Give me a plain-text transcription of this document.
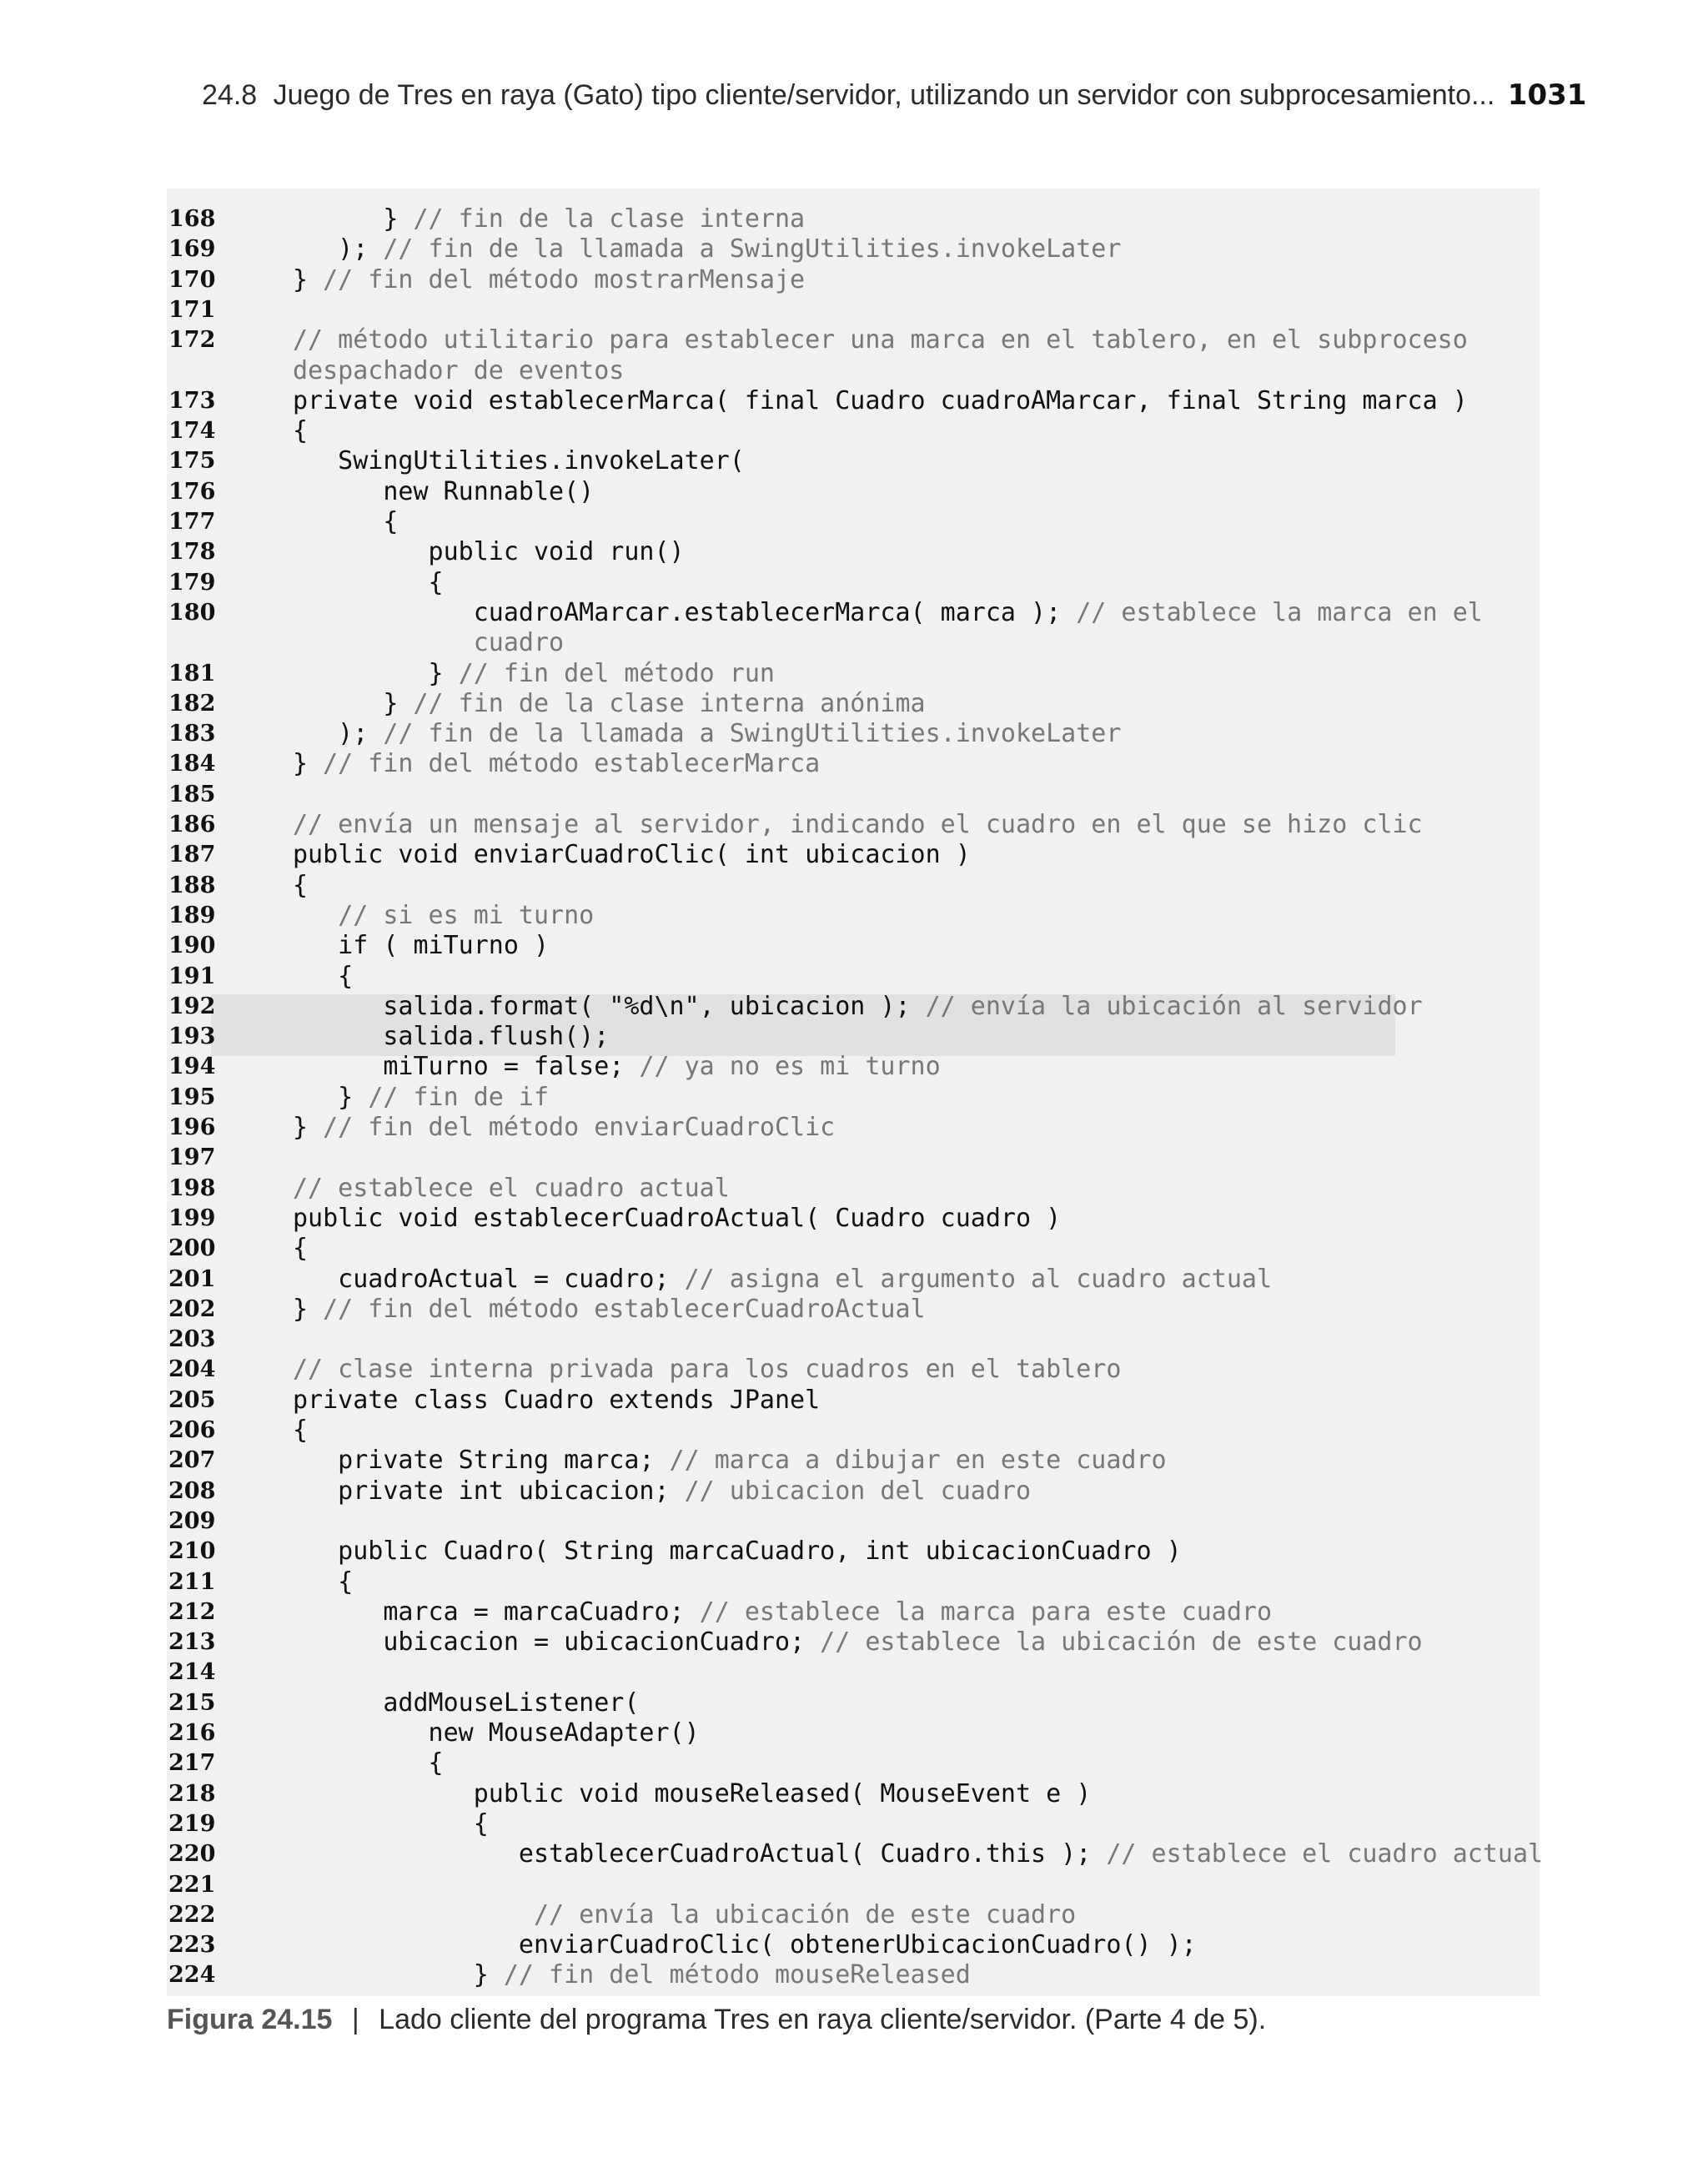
24.8 Juego de Tres en raya (Gato) tipo cliente/servidor, utilizando un servidor con subprocesamiento... 1031
168	} // fin de la clase interna
169	); // fin de la llamada a SwingUtilities.invokeLater
170	} // fin del método mostrarMensaje
171
172	// método utilitario para establecer una marca en el tablero, en el subproceso
despachador de eventos
173	private void establecerMarca( final Cuadro cuadroAMarcar, final String marca )
174	{
175	SwingUtilities.invokeLater(
176	new Runnable()
177	{
178	public void run()
179	{
180	cuadroAMarcar.establecerMarca( marca ); // establece la marca en el
cuadro
181	} // fin del método run
182	} // fin de la clase interna anónima
183	); // fin de la llamada a SwingUtilities.invokeLater
184	} // fin del método establecerMarca
185
186	// envía un mensaje al servidor, indicando el cuadro en el que se hizo clic
187	public void enviarCuadroClic( int ubicacion )
188	{
189	// si es mi turno
190	if ( miTurno )
191	{
192	salida.format( "%d\n", ubicacion ); // envía la ubicación al servidor
193	salida.flush();
194	miTurno = false; // ya no es mi turno
195	} // fin de if
196	} // fin del método enviarCuadroClic
197
198	// establece el cuadro actual
199	public void establecerCuadroActual( Cuadro cuadro )
200	{
201	cuadroActual = cuadro; // asigna el argumento al cuadro actual
202	} // fin del método establecerCuadroActual
203
204	// clase interna privada para los cuadros en el tablero
205	private class Cuadro extends JPanel
206	{
207	private String marca; // marca a dibujar en este cuadro
208	private int ubicacion; // ubicacion del cuadro
209
210	public Cuadro( String marcaCuadro, int ubicacionCuadro )
211	{
212	marca = marcaCuadro; // establece la marca para este cuadro
213	ubicacion = ubicacionCuadro; // establece la ubicación de este cuadro
214
215	addMouseListener(
216	new MouseAdapter()
217	{
218	public void mouseReleased( MouseEvent e )
219	{
220	establecerCuadroActual( Cuadro.this ); // establece el cuadro actual
221
222	// envía la ubicación de este cuadro
223	enviarCuadroClic( obtenerUbicacionCuadro() );
224	} // fin del método mouseReleased
Figura 24.15 | Lado cliente del programa Tres en raya cliente/servidor. (Parte 4 de 5).
